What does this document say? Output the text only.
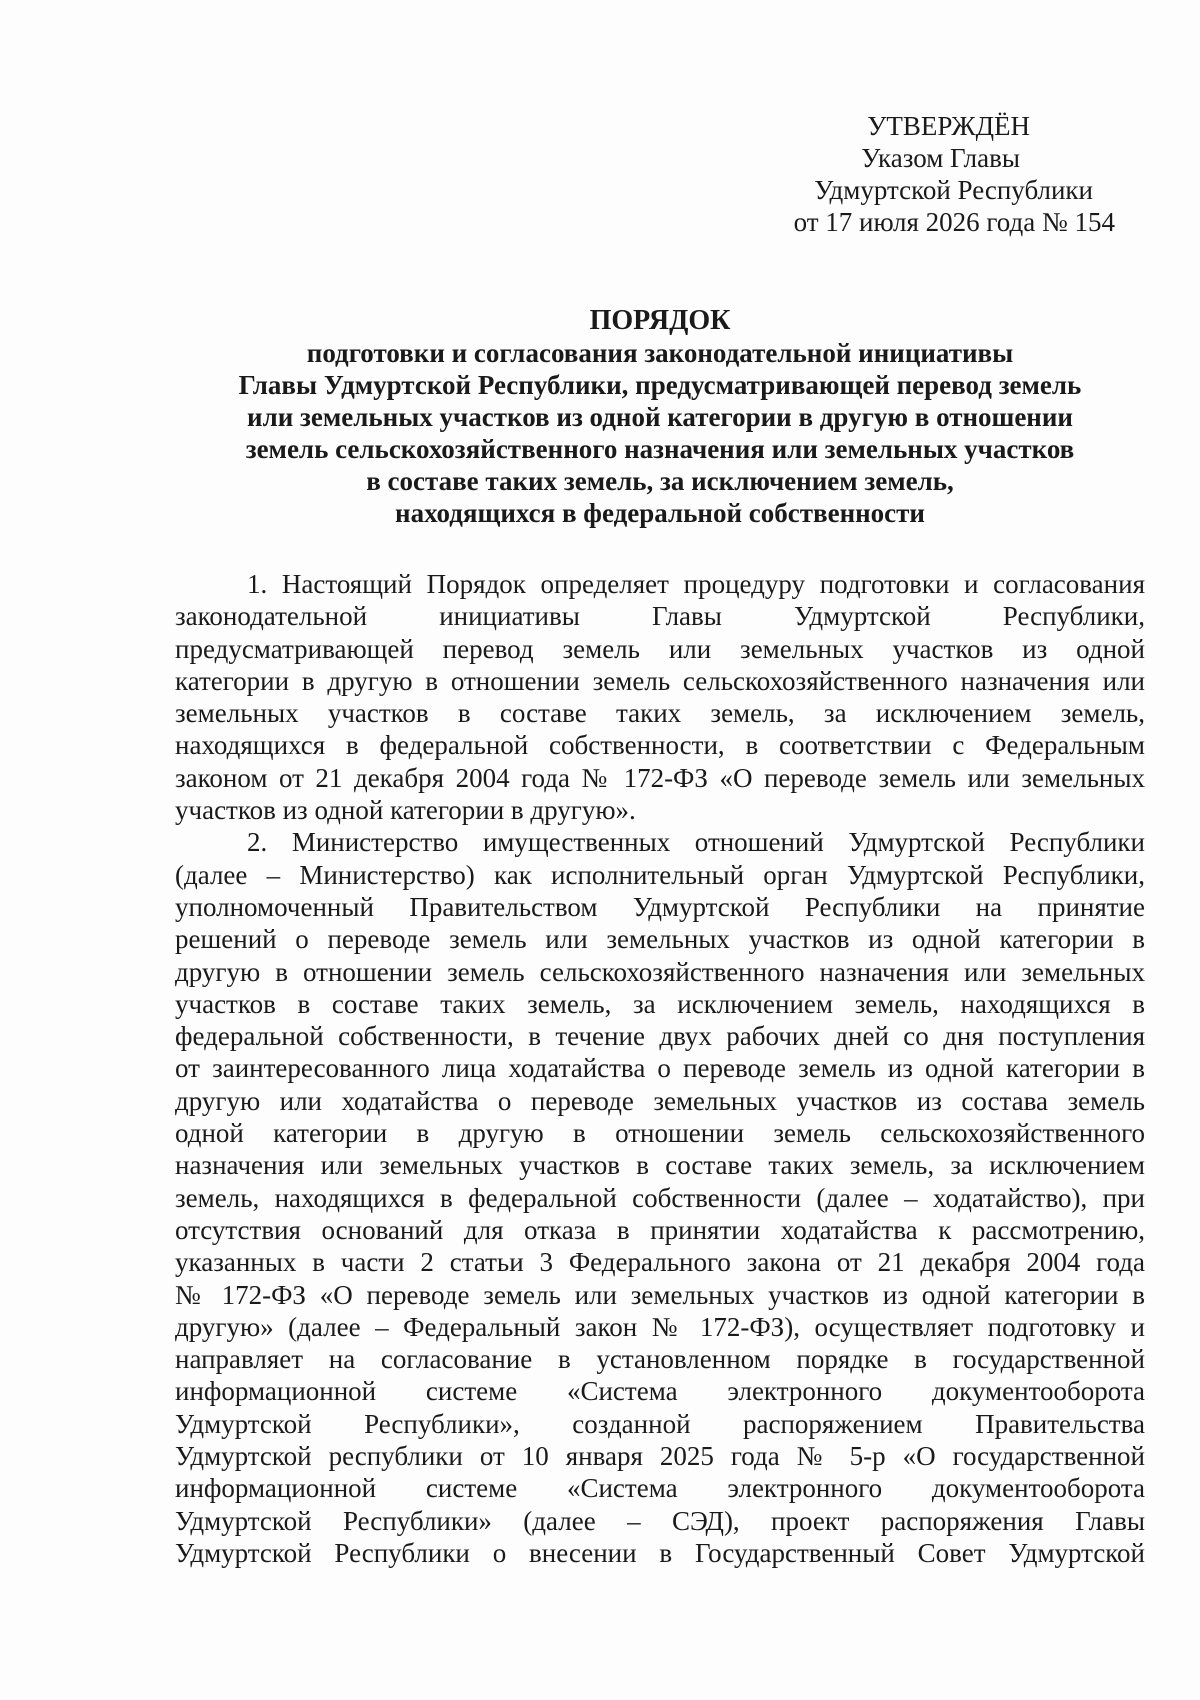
УТВЕРЖДЁН
Указом Главы
Удмуртской Республики
от 17 июля 2026 года № 154
ПОРЯДОК
подготовки и согласования законодательной инициативы
Главы Удмуртской Республики, предусматривающей перевод земель
или земельных участков из одной категории в другую в отношении
земель сельскохозяйственного назначения или земельных участков
в составе таких земель, за исключением земель,
находящихся в федеральной собственности
1. Настоящий Порядок определяет процедуру подготовки и согласования
законодательной инициативы Главы Удмуртской Республики,
предусматривающей перевод земель или земельных участков из одной
категории в другую в отношении земель сельскохозяйственного назначения или
земельных участков в составе таких земель, за исключением земель,
находящихся в федеральной собственности, в соответствии с Федеральным
законом от 21 декабря 2004 года № 172-ФЗ «О переводе земель или земельных
участков из одной категории в другую».
2. Министерство имущественных отношений Удмуртской Республики
(далее – Министерство) как исполнительный орган Удмуртской Республики,
уполномоченный Правительством Удмуртской Республики на принятие
решений о переводе земель или земельных участков из одной категории в
другую в отношении земель сельскохозяйственного назначения или земельных
участков в составе таких земель, за исключением земель, находящихся в
федеральной собственности, в течение двух рабочих дней со дня поступления
от заинтересованного лица ходатайства о переводе земель из одной категории в
другую или ходатайства о переводе земельных участков из состава земель
одной категории в другую в отношении земель сельскохозяйственного
назначения или земельных участков в составе таких земель, за исключением
земель, находящихся в федеральной собственности (далее – ходатайство), при
отсутствия оснований для отказа в принятии ходатайства к рассмотрению,
указанных в части 2 статьи 3 Федерального закона от 21 декабря 2004 года
№ 172-ФЗ «О переводе земель или земельных участков из одной категории в
другую» (далее – Федеральный закон № 172-ФЗ), осуществляет подготовку и
направляет на согласование в установленном порядке в государственной
информационной системе «Система электронного документооборота
Удмуртской Республики», созданной распоряжением Правительства
Удмуртской республики от 10 января 2025 года № 5-р «О государственной
информационной системе «Система электронного документооборота
Удмуртской Республики» (далее – СЭД), проект распоряжения Главы
Удмуртской Республики о внесении в Государственный Совет Удмуртской
